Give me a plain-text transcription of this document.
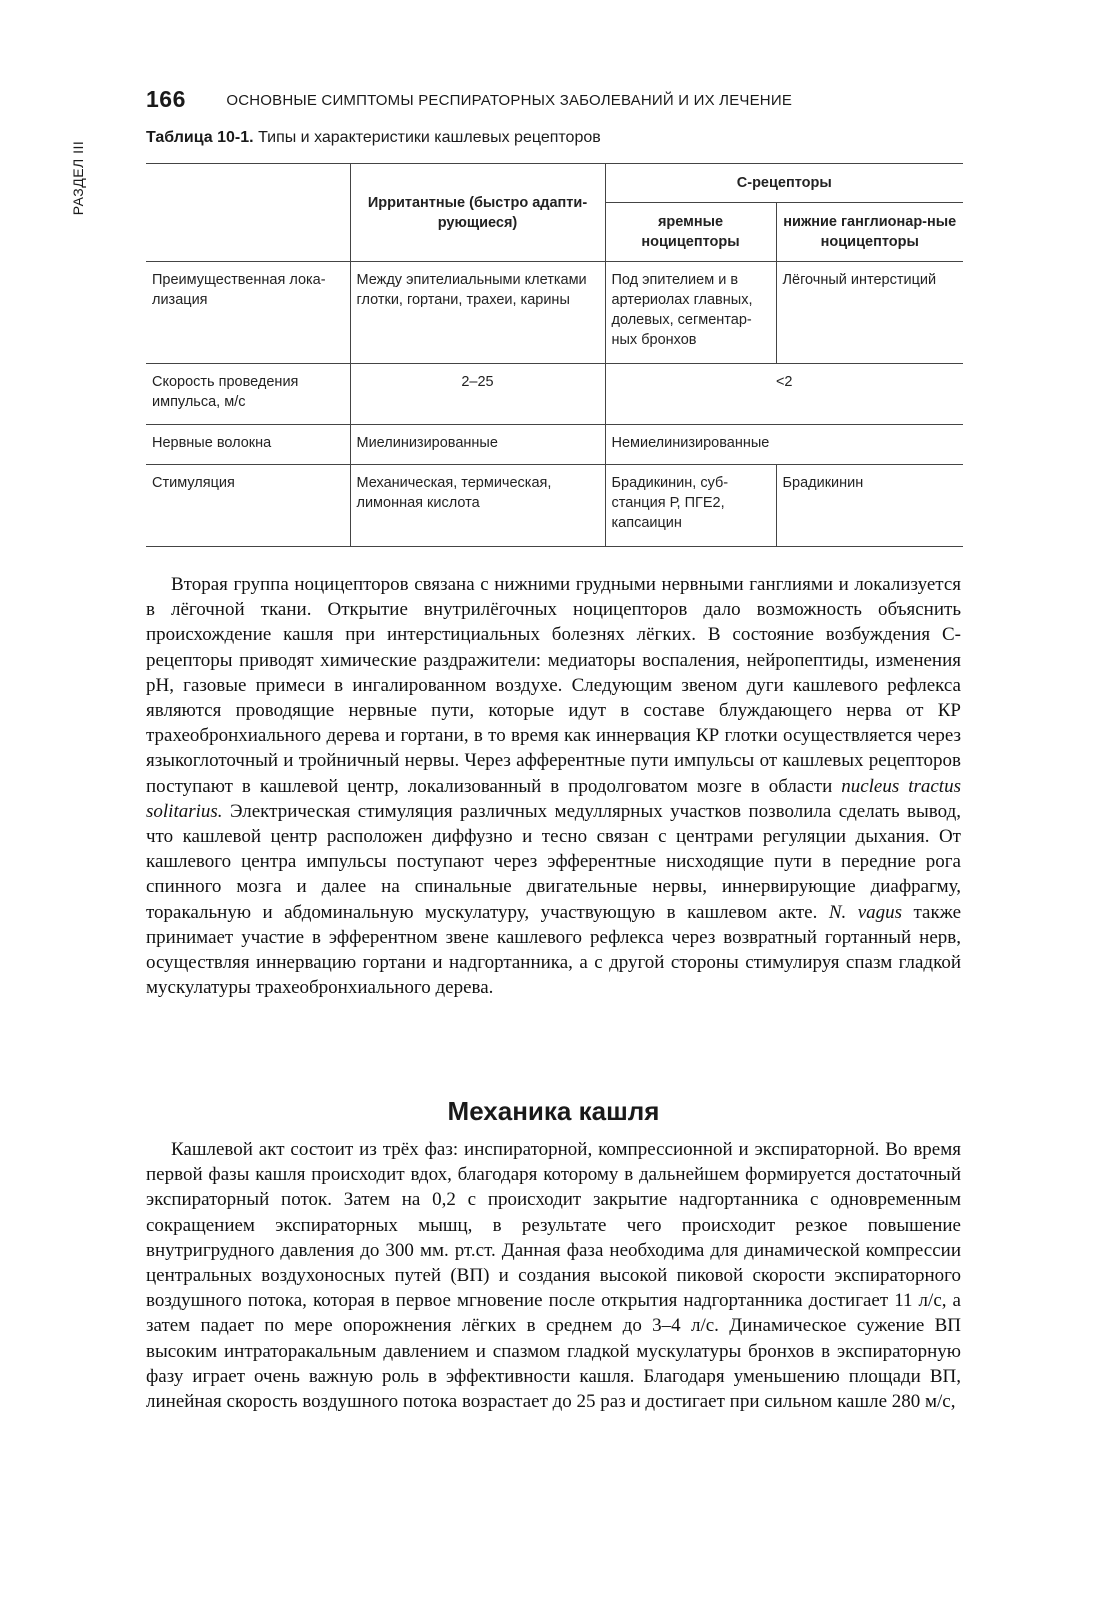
РАЗДЕЛ III
166	ОСНОВНЫЕ СИМПТОМЫ РЕСПИРАТОРНЫХ ЗАБОЛЕВАНИЙ И ИХ ЛЕЧЕНИЕ
Таблица 10-1. Типы и характеристики кашлевых рецепторов
	Ирритантные (быстро адапти-рующиеся)	С-рецепторы	
		яремные ноцицепторы	нижние ганглионар-ные ноцицепторы
Преимущественная лока-лизация	Между эпителиальными клетками глотки, гортани, трахеи, карины	Под эпителием и в артериолах главных, долевых, сегментар-ных бронхов	Лёгочный интерстиций
Скорость проведения импульса, м/с	2–25	<2	
Нервные волокна	Миелинизированные	Немиелинизированные	
Стимуляция	Механическая, термическая, лимонная кислота	Брадикинин, суб-станция Р, ПГЕ2, капсаицин	Брадикинин

Вторая группа ноцицепторов связана с нижними грудными нервными ганглиями и локализуется в лёгочной ткани. Открытие внутрилёгочных ноцицепторов дало возможность объяснить происхождение кашля при интерстициальных болезнях лёгких. В состояние возбуждения С-рецепторы приводят химические раздражители: медиаторы воспаления, нейропептиды, изменения pH, газовые примеси в ингалированном воздухе. Следующим звеном дуги кашлевого рефлекса являются проводящие нервные пути, которые идут в составе блуждающего нерва от КР трахеобронхиального дерева и гортани, в то время как иннервация КР глотки осуществляется через языкоглоточный и тройничный нервы. Через афферентные пути импульсы от кашлевых рецепторов поступают в кашлевой центр, локализованный в продолговатом мозге в области nucleus tractus solitarius. Электрическая стимуляция различных медуллярных участков позволила сделать вывод, что кашлевой центр расположен диффузно и тесно связан с центрами регуляции дыхания. От кашлевого центра импульсы поступают через эфферентные нисходящие пути в передние рога спинного мозга и далее на спинальные двигательные нервы, иннервирующие диафрагму, торакальную и абдоминальную мускулатуру, участвующую в кашлевом акте. N. vagus также принимает участие в эфферентном звене кашлевого рефлекса через возвратный гортанный нерв, осуществляя иннервацию гортани и надгортанника, а с другой стороны стимулируя спазм гладкой мускулатуры трахеобронхиального дерева.

Механика кашля

Кашлевой акт состоит из трёх фаз: инспираторной, компрессионной и экспираторной. Во время первой фазы кашля происходит вдох, благодаря которому в дальнейшем формируется достаточный экспираторный поток. Затем на 0,2 с происходит закрытие надгортанника с одновременным сокращением экспираторных мышц, в результате чего происходит резкое повышение внутригрудного давления до 300 мм. рт.ст. Данная фаза необходима для динамической компрессии центральных воздухоносных путей (ВП) и создания высокой пиковой скорости экспираторного воздушного потока, которая в первое мгновение после открытия надгортанника достигает 11 л/с, а затем падает по мере опорожнения лёгких в среднем до 3–4 л/с. Динамическое сужение ВП высоким интраторакальным давлением и спазмом гладкой мускулатуры бронхов в экспираторную фазу играет очень важную роль в эффективности кашля. Благодаря уменьшению площади ВП, линейная скорость воздушного потока возрастает до 25 раз и достигает при сильном кашле 280 м/с,
